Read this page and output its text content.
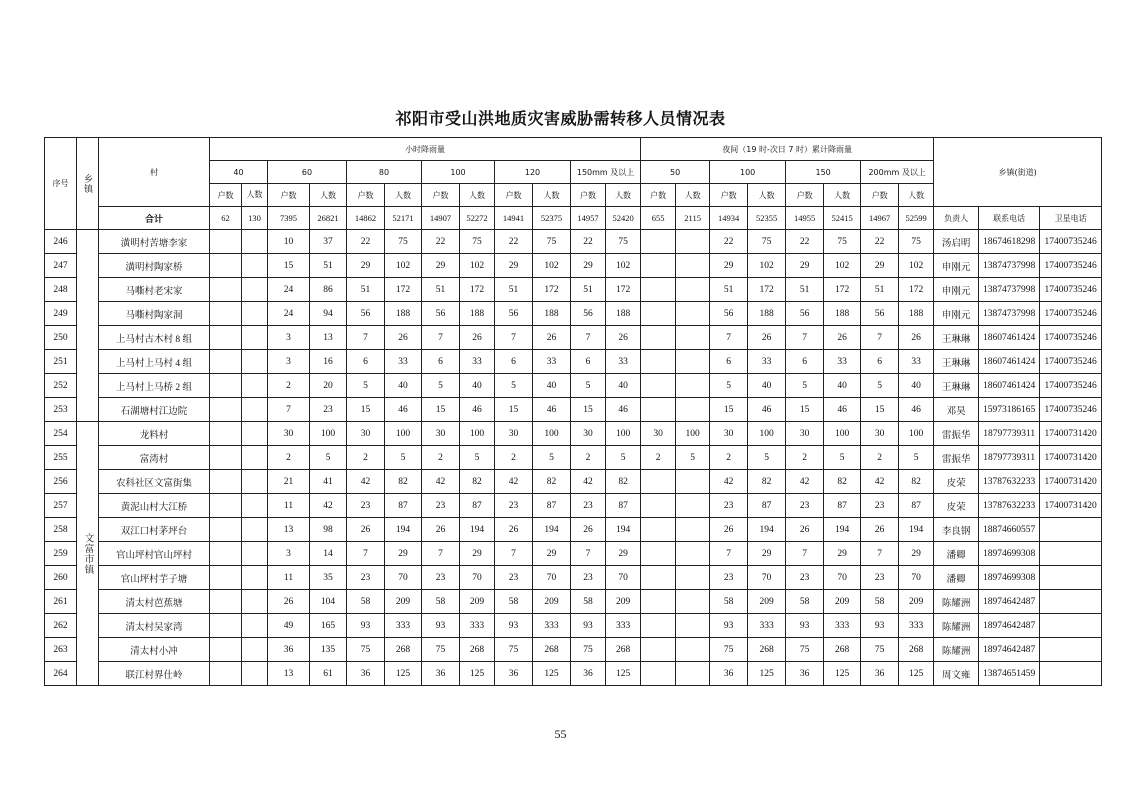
祁阳市受山洪地质灾害威胁需转移人员情况表
序号	乡镇	村	小时降雨量												夜间（19 时-次日 7 时）累计降雨量								乡镇(街道)		
			40		60		80		100		120		150mm 及以上		50		100		150		200mm 及以上				
			户数	人数	户数	人数	户数	人数	户数	人数	户数	人数	户数	人数	户数	人数	户数	人数	户数	人数	户数	人数			
		合计	62	130	7395	26821	14862	52171	14907	52272	14941	52375	14957	52420	655	2115	14934	52355	14955	52415	14967	52599	负责人	联系电话	卫星电话
246		潢明村苦塘李家			10	37	22	75	22	75	22	75	22	75			22	75	22	75	22	75	汤启明	18674618298	17400735246
247		潢明村陶家桥			15	51	29	102	29	102	29	102	29	102			29	102	29	102	29	102	申刚元	13874737998	17400735246
248		马嘶村老宋家			24	86	51	172	51	172	51	172	51	172			51	172	51	172	51	172	申刚元	13874737998	17400735246
249		马嘶村陶家洞			24	94	56	188	56	188	56	188	56	188			56	188	56	188	56	188	申刚元	13874737998	17400735246
250		上马村古木村 8 组			3	13	7	26	7	26	7	26	7	26			7	26	7	26	7	26	王琳琳	18607461424	17400735246
251		上马村上马村 4 组			3	16	6	33	6	33	6	33	6	33			6	33	6	33	6	33	王琳琳	18607461424	17400735246
252		上马村上马桥 2 组			2	20	5	40	5	40	5	40	5	40			5	40	5	40	5	40	王琳琳	18607461424	17400735246
253		石湖塘村江边院			7	23	15	46	15	46	15	46	15	46			15	46	15	46	15	46	邓昊	15973186165	17400735246
254	文富市镇	龙料村			30	100	30	100	30	100	30	100	30	100	30	100	30	100	30	100	30	100	雷振华	18797739311	17400731420
255		富湾村			2	5	2	5	2	5	2	5	2	5	2	5	2	5	2	5	2	5	雷振华	18797739311	17400731420
256		农科社区文富街集			21	41	42	82	42	82	42	82	42	82			42	82	42	82	42	82	皮荣	13787632233	17400731420
257		黄泥山村大江桥			11	42	23	87	23	87	23	87	23	87			23	87	23	87	23	87	皮荣	13787632233	17400731420
258		双江口村茅坪台			13	98	26	194	26	194	26	194	26	194			26	194	26	194	26	194	李良钢	18874660557	
259		官山坪村官山坪村			3	14	7	29	7	29	7	29	7	29			7	29	7	29	7	29	潘卿	18974699308	
260		官山坪村芋子塘			11	35	23	70	23	70	23	70	23	70			23	70	23	70	23	70	潘卿	18974699308	
261		清太村芭蕉塘			26	104	58	209	58	209	58	209	58	209			58	209	58	209	58	209	陈耀洲	18974642487	
262		清太村吴家湾			49	165	93	333	93	333	93	333	93	333			93	333	93	333	93	333	陈耀洲	18974642487	
263		清太村小冲			36	135	75	268	75	268	75	268	75	268			75	268	75	268	75	268	陈耀洲	18974642487	
264		联江村界仕岭			13	61	36	125	36	125	36	125	36	125			36	125	36	125	36	125	周文雍	13874651459	
55
